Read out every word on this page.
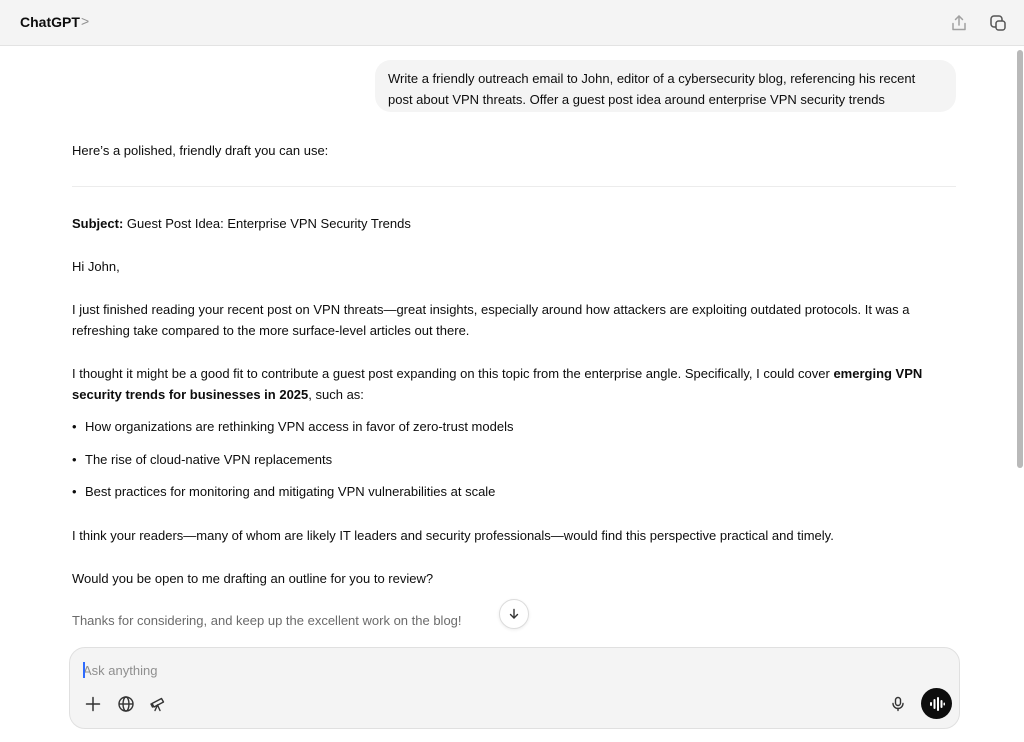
ChatGPT >
Write a friendly outreach email to John, editor of a cybersecurity blog, referencing his recent post about VPN threats. Offer a guest post idea around enterprise VPN security trends
Here’s a polished, friendly draft you can use:
Subject: Guest Post Idea: Enterprise VPN Security Trends
Hi John,
I just finished reading your recent post on VPN threats—great insights, especially around how attackers are exploiting outdated protocols. It was a refreshing take compared to the more surface-level articles out there.
I thought it might be a good fit to contribute a guest post expanding on this topic from the enterprise angle. Specifically, I could cover emerging VPN security trends for businesses in 2025, such as:
• How organizations are rethinking VPN access in favor of zero-trust models
• The rise of cloud-native VPN replacements
• Best practices for monitoring and mitigating VPN vulnerabilities at scale
I think your readers—many of whom are likely IT leaders and security professionals—would find this perspective practical and timely.
Would you be open to me drafting an outline for you to review?
Thanks for considering, and keep up the excellent work on the blog!
Ask anything
